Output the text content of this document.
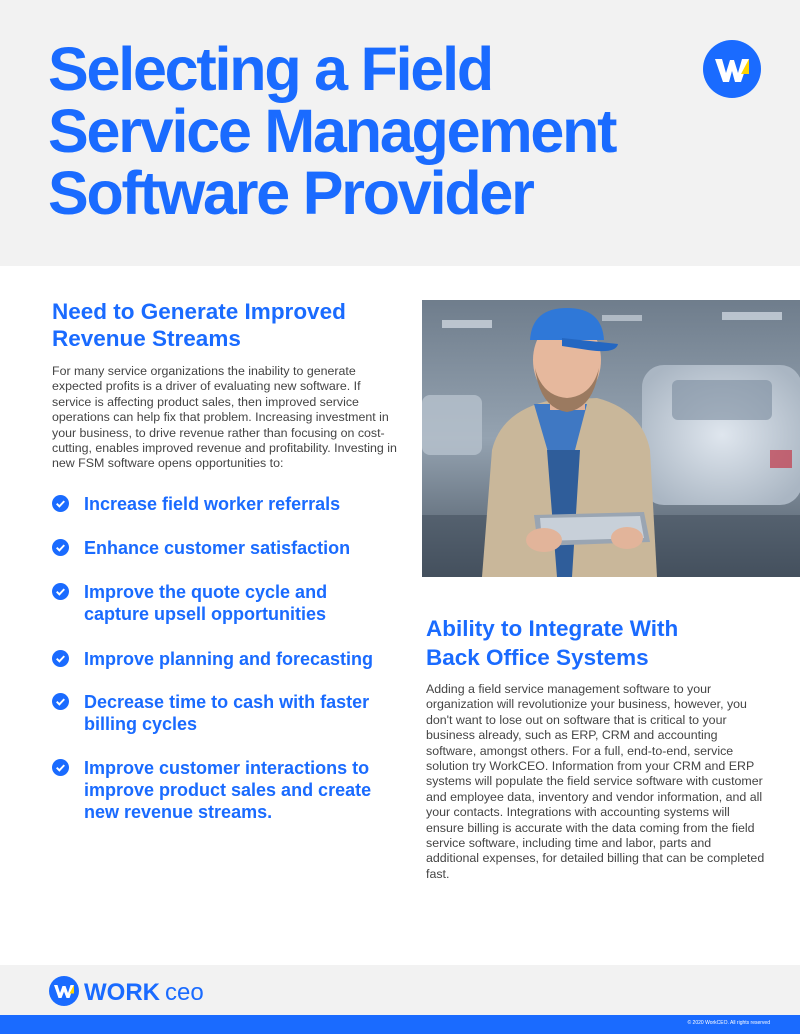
Selecting a Field
Service Management
Software Provider
Need to Generate Improved
Revenue Streams

For many service organizations the inability to generate expected profits is a driver of evaluating new software. If service is affecting product sales, then improved service operations can help fix that problem. Increasing investment in your business, to drive revenue rather than focusing on cost-cutting, enables improved revenue and profitability. Investing in new FSM software opens opportunities to:

Increase field worker referrals
Enhance customer satisfaction
Improve the quote cycle and
capture upsell opportunities
Improve planning and forecasting
Decrease time to cash with faster
billing cycles
Improve customer interactions to
improve product sales and create
new revenue streams.
Ability to Integrate With
Back Office Systems

Adding a field service management software to your organization will revolutionize your business, however, you don't want to lose out on software that is critical to your business already, such as ERP, CRM and accounting software, amongst others. For a full, end-to-end, service solution try WorkCEO. Information from your CRM and ERP systems will populate the field service software with customer and employee data, inventory and vendor information, and all your contacts. Integrations with accounting systems will ensure billing is accurate with the data coming from the field service software, including time and labor, parts and additional expenses, for detailed billing that can be completed fast.

WORK ceo
© 2020 WorkCEO. All rights reserved
